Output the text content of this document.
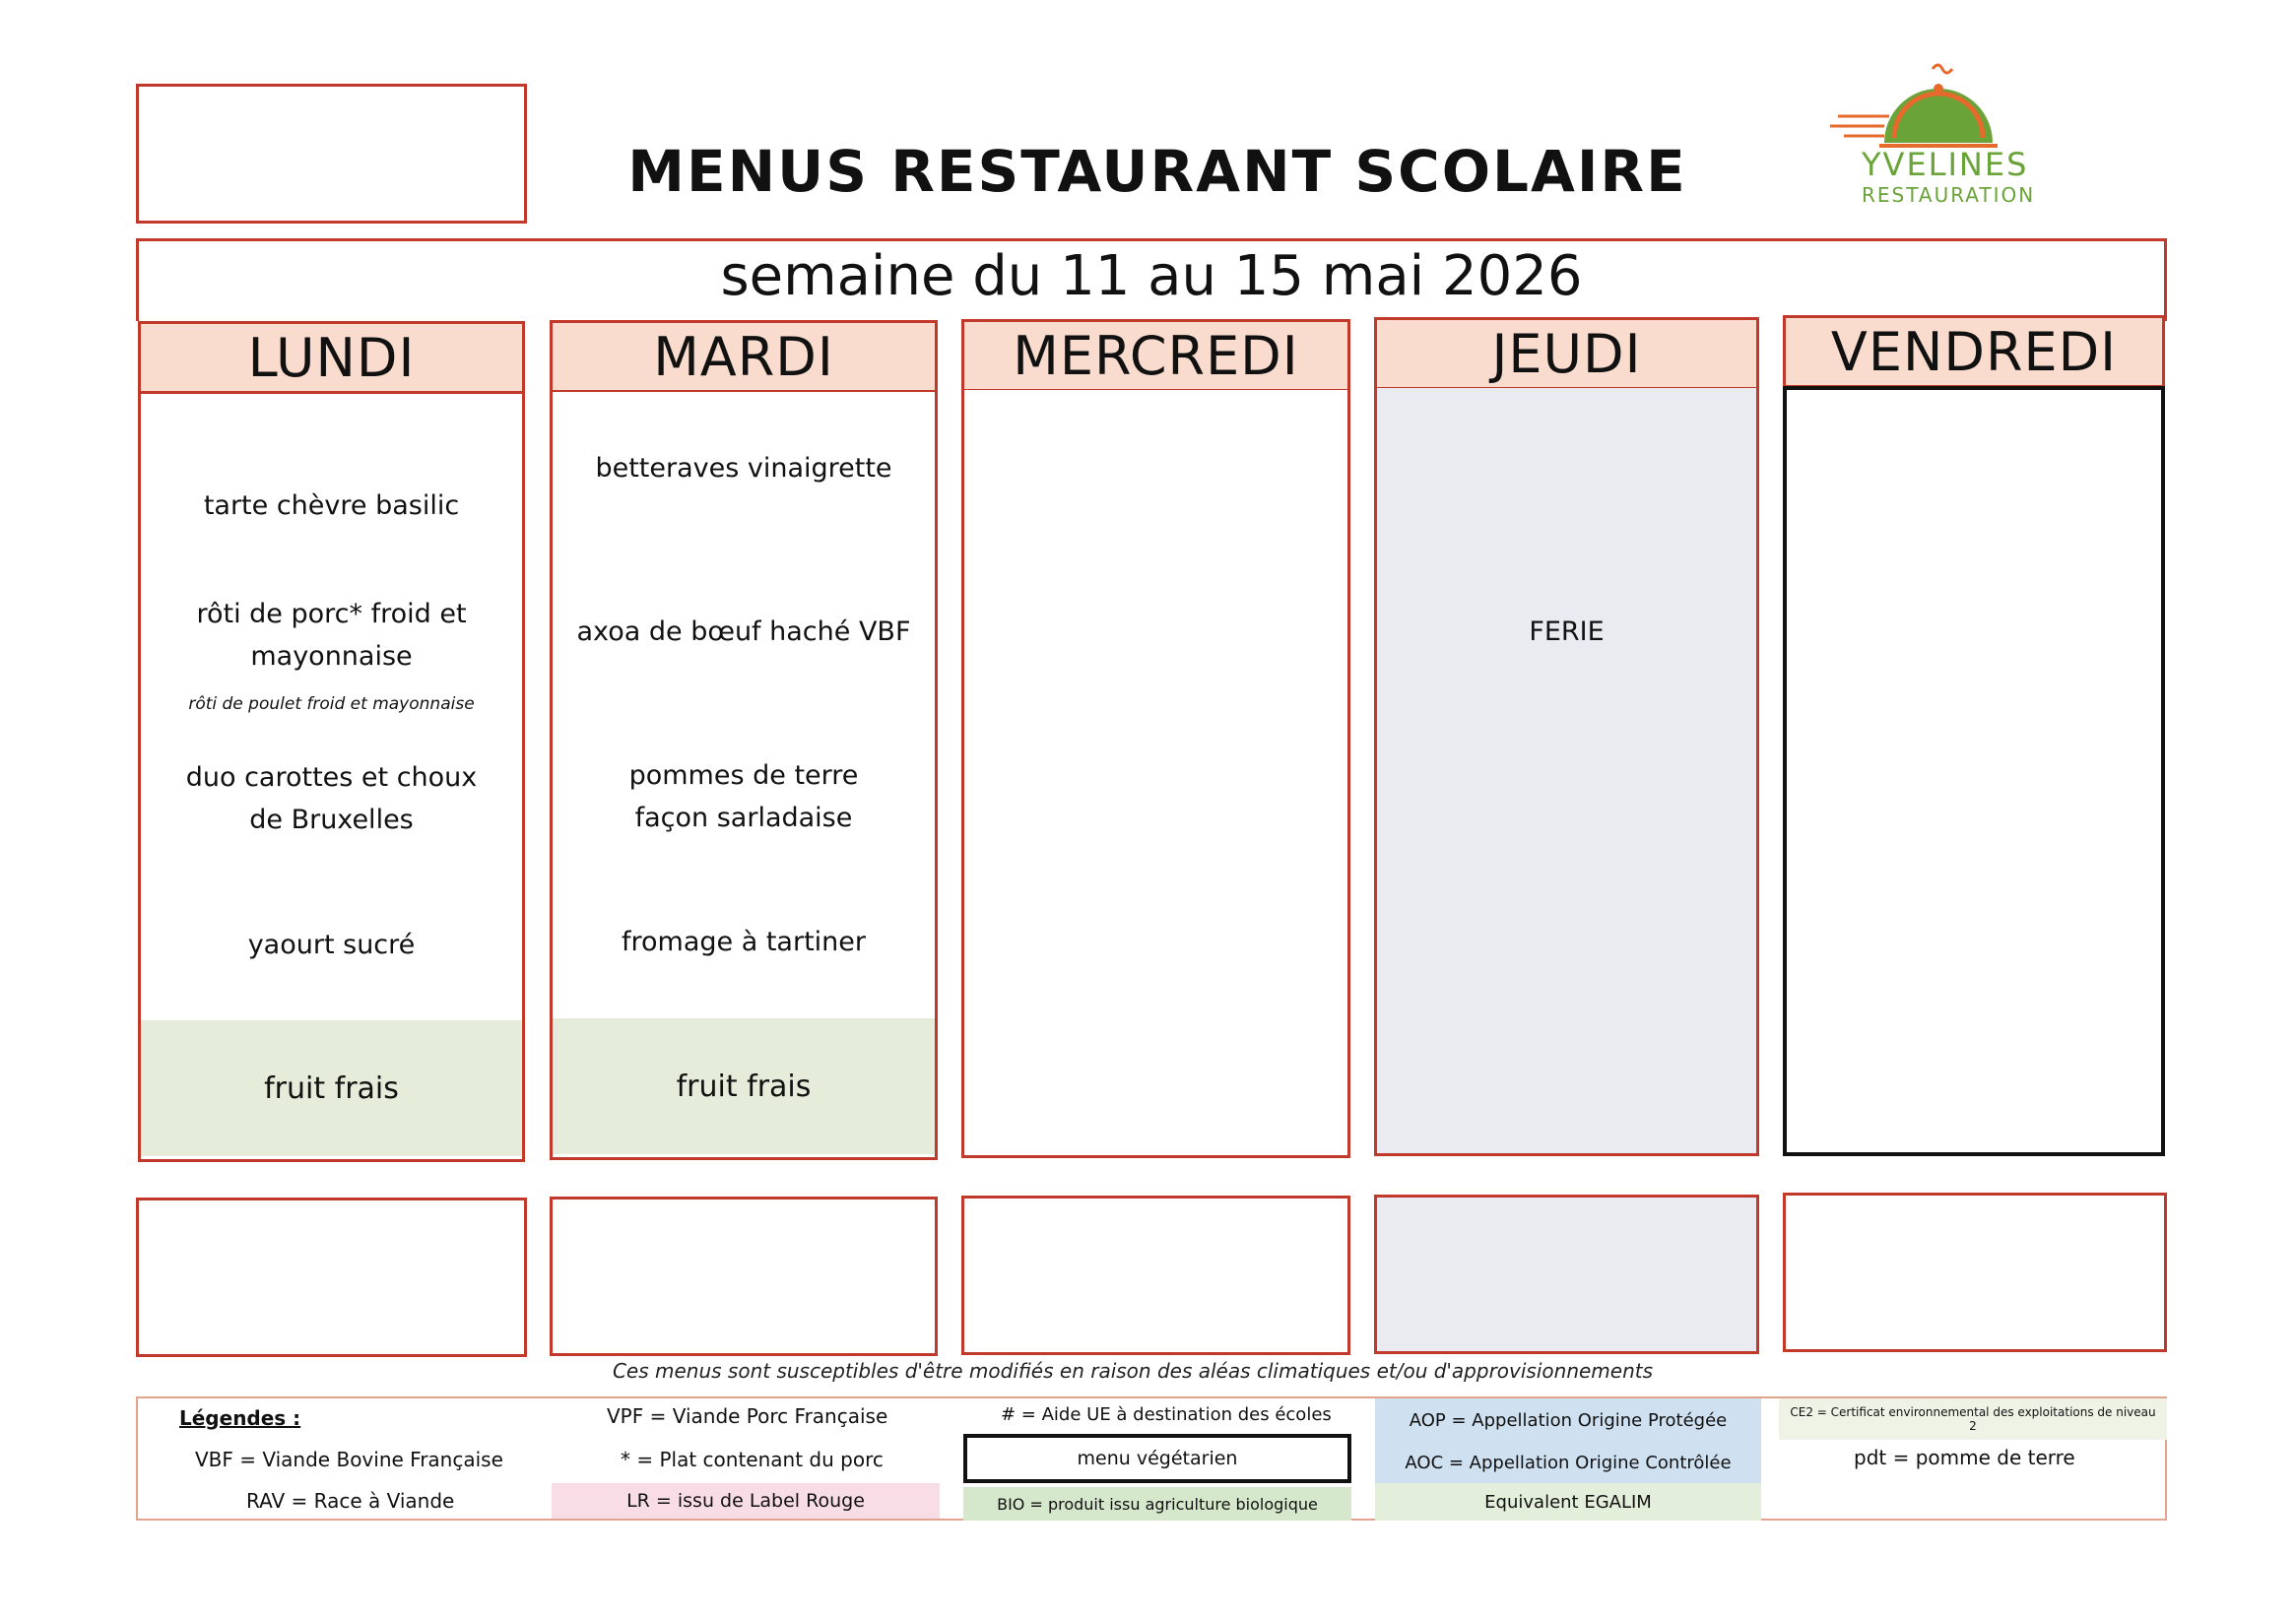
MENUS RESTAURANT SCOLAIRE	YVELINES
RESTAURATION
semaine du 11 au 15 mai 2026
LUNDI
tarte chèvre basilic
rôti de porc* froid et mayonnaise
rôti de poulet froid et mayonnaise
duo carottes et choux de Bruxelles
yaourt sucré
fruit frais
MARDI
betteraves vinaigrette
axoa de bœuf haché VBF
pommes de terre façon sarladaise
fromage à tartiner
fruit frais
MERCREDI	JEUDI
FERIE
VENDREDI
Ces menus sont susceptibles d'être modifiés en raison des aléas climatiques et/ou d'approvisionnements
Légendes :
VBF = Viande Bovine Française
RAV = Race à Viande
VPF = Viande Porc Française
* = Plat contenant du porc
LR = issu de Label Rouge
# = Aide UE à destination des écoles
menu végétarien
BIO = produit issu agriculture biologique
AOP = Appellation Origine Protégée
AOC = Appellation Origine Contrôlée
Equivalent EGALIM
CE2 = Certificat environnemental des exploitations de niveau 2
pdt = pomme de terre
